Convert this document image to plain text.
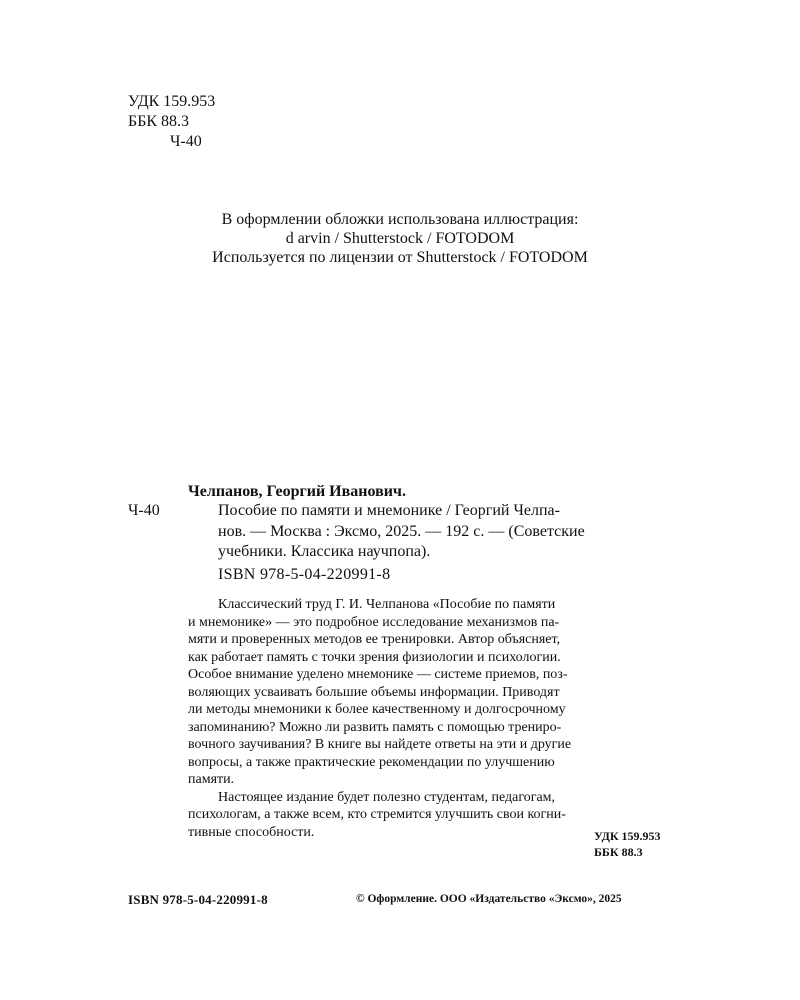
УДК 159.953
ББК 88.3
Ч-40
В оформлении обложки использована иллюстрация:
d arvin / Shutterstock / FOTODOM
Используется по лицензии от Shutterstock / FOTODOM
Челпанов, Георгий Иванович.
Ч-40	Пособие по памяти и мнемонике / Георгий Челпа-
нов. — Москва : Эксмо, 2025. — 192 с. — (Советские
учебники. Классика научпопа).
ISBN 978-5-04-220991-8
Классический труд Г. И. Челпанова «Пособие по памяти
и мнемонике» — это подробное исследование механизмов па-
мяти и проверенных методов ее тренировки. Автор объясняет,
как работает память с точки зрения физиологии и психологии.
Особое внимание уделено мнемонике — системе приемов, поз-
воляющих усваивать большие объемы информации. Приводят
ли методы мнемоники к более качественному и долгосрочному
запоминанию? Можно ли развить память с помощью трениро-
вочного заучивания? В книге вы найдете ответы на эти и другие
вопросы, а также практические рекомендации по улучшению
памяти.
Настоящее издание будет полезно студентам, педагогам,
психологам, а также всем, кто стремится улучшить свои когни-
тивные способности.	УДК 159.953
ББК 88.3
ISBN 978-5-04-220991-8	© Оформление. ООО «Издательство «Эксмо», 2025
